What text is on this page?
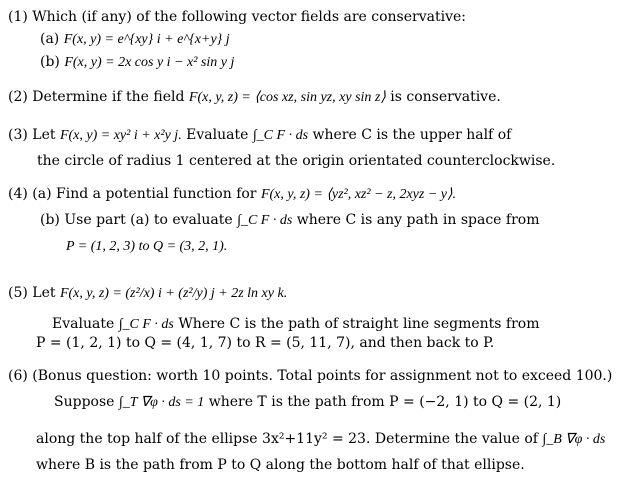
(1) Which (if any) of the following vector fields are conservative:
(a) F(x, y) = e^{xy} i + e^{x+y} j
(b) F(x, y) = 2x cos y i − x² sin y j
(2) Determine if the field F(x, y, z) = ⟨cos xz, sin yz, xy sin z⟩ is conservative.
(3) Let F(x, y) = xy² i + x²y j. Evaluate ∫_C F · ds where C is the upper half of
the circle of radius 1 centered at the origin orientated counterclockwise.
(4) (a) Find a potential function for F(x, y, z) = ⟨yz², xz² − z, 2xyz − y⟩.
(b) Use part (a) to evaluate ∫_C F · ds where C is any path in space from
P = (1, 2, 3) to Q = (3, 2, 1).
(5) Let F(x, y, z) = (z²/x) i + (z²/y) j + 2z ln xy k.
Evaluate ∫_C F · ds Where C is the path of straight line segments from
P = (1, 2, 1) to Q = (4, 1, 7) to R = (5, 11, 7), and then back to P.
(6) (Bonus question: worth 10 points. Total points for assignment not to exceed 100.)
Suppose ∫_T ∇φ · ds = 1 where T is the path from P = (−2, 1) to Q = (2, 1)
along the top half of the ellipse 3x²+11y² = 23. Determine the value of ∫_B ∇φ · ds
where B is the path from P to Q along the bottom half of that ellipse.
